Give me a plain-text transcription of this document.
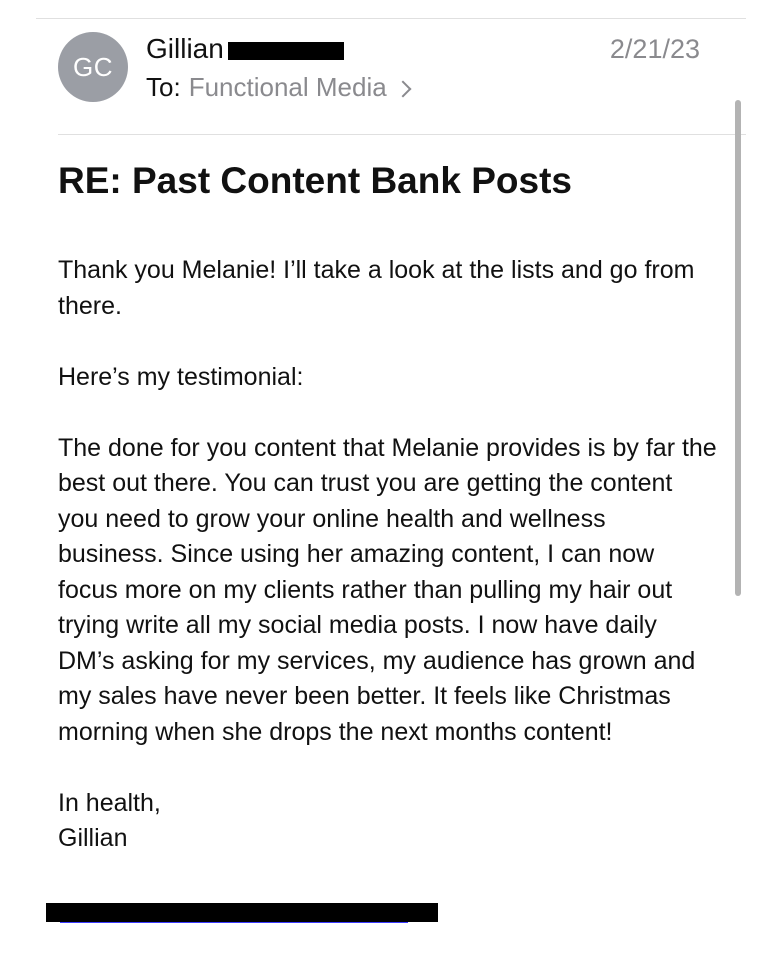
GC
Gillian	2/21/23
To: Functional Media
RE: Past Content Bank Posts

Thank you Melanie! I’ll take a look at the lists and go from there.

Here’s my testimonial:

The done for you content that Melanie provides is by far the best out there. You can trust you are getting the content you need to grow your online health and wellness business. Since using her amazing content, I can now focus more on my clients rather than pulling my hair out trying write all my social media posts. I now have daily DM’s asking for my services, my audience has grown and my sales have never been better. It feels like Christmas morning when she drops the next months content!

In health,

Gillian
